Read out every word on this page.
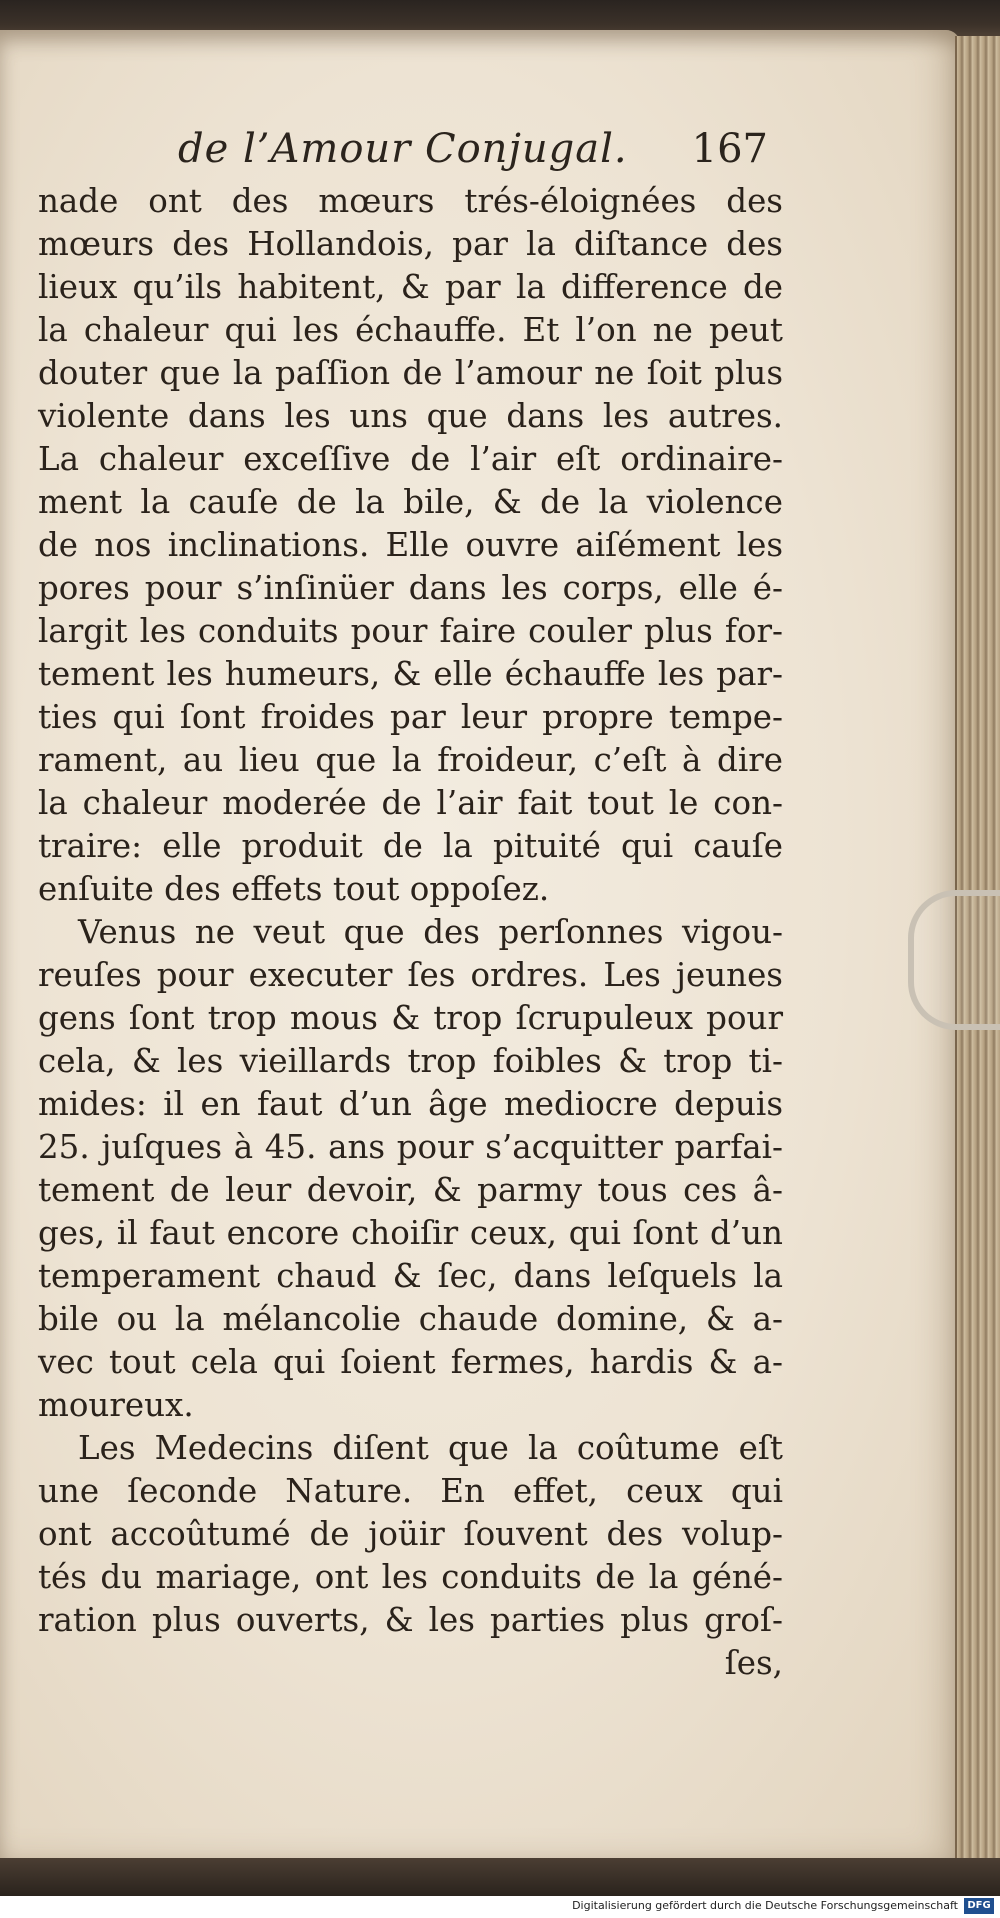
de l’Amour Conjugal. 167
nade ont des mœurs trés-éloignées des
mœurs des Hollandois, par la diſtance des
lieux qu’ils habitent, & par la difference de
la chaleur qui les échauffe. Et l’on ne peut
douter que la paſſion de l’amour ne ſoit plus
violente dans les uns que dans les autres.
La chaleur exceſſive de l’air eſt ordinaire-
ment la cauſe de la bile, & de la violence
de nos inclinations. Elle ouvre aiſément les
pores pour s’inſinüer dans les corps, elle é-
largit les conduits pour faire couler plus for-
tement les humeurs, & elle échauffe les par-
ties qui ſont froides par leur propre tempe-
rament, au lieu que la froideur, c’eſt à dire
la chaleur moderée de l’air fait tout le con-
traire: elle produit de la pituité qui cauſe
enſuite des effets tout oppoſez.
Venus ne veut que des perſonnes vigou-
reuſes pour executer ſes ordres. Les jeunes
gens ſont trop mous & trop ſcrupuleux pour
cela, & les vieillards trop foibles & trop ti-
mides: il en faut d’un âge mediocre depuis
25. juſques à 45. ans pour s’acquitter parfai-
tement de leur devoir, & parmy tous ces â-
ges, il faut encore choiſir ceux, qui ſont d’un
temperament chaud & ſec, dans leſquels la
bile ou la mélancolie chaude domine, & a-
vec tout cela qui ſoient fermes, hardis & a-
moureux.
Les Medecins diſent que la coûtume eſt
une ſeconde Nature. En effet, ceux qui
ont accoûtumé de joüir ſouvent des volup-
tés du mariage, ont les conduits de la géné-
ration plus ouverts, & les parties plus groſ-
ſes,
Digitalisierung gefördert durch die Deutsche Forschungsgemeinschaft DFG
